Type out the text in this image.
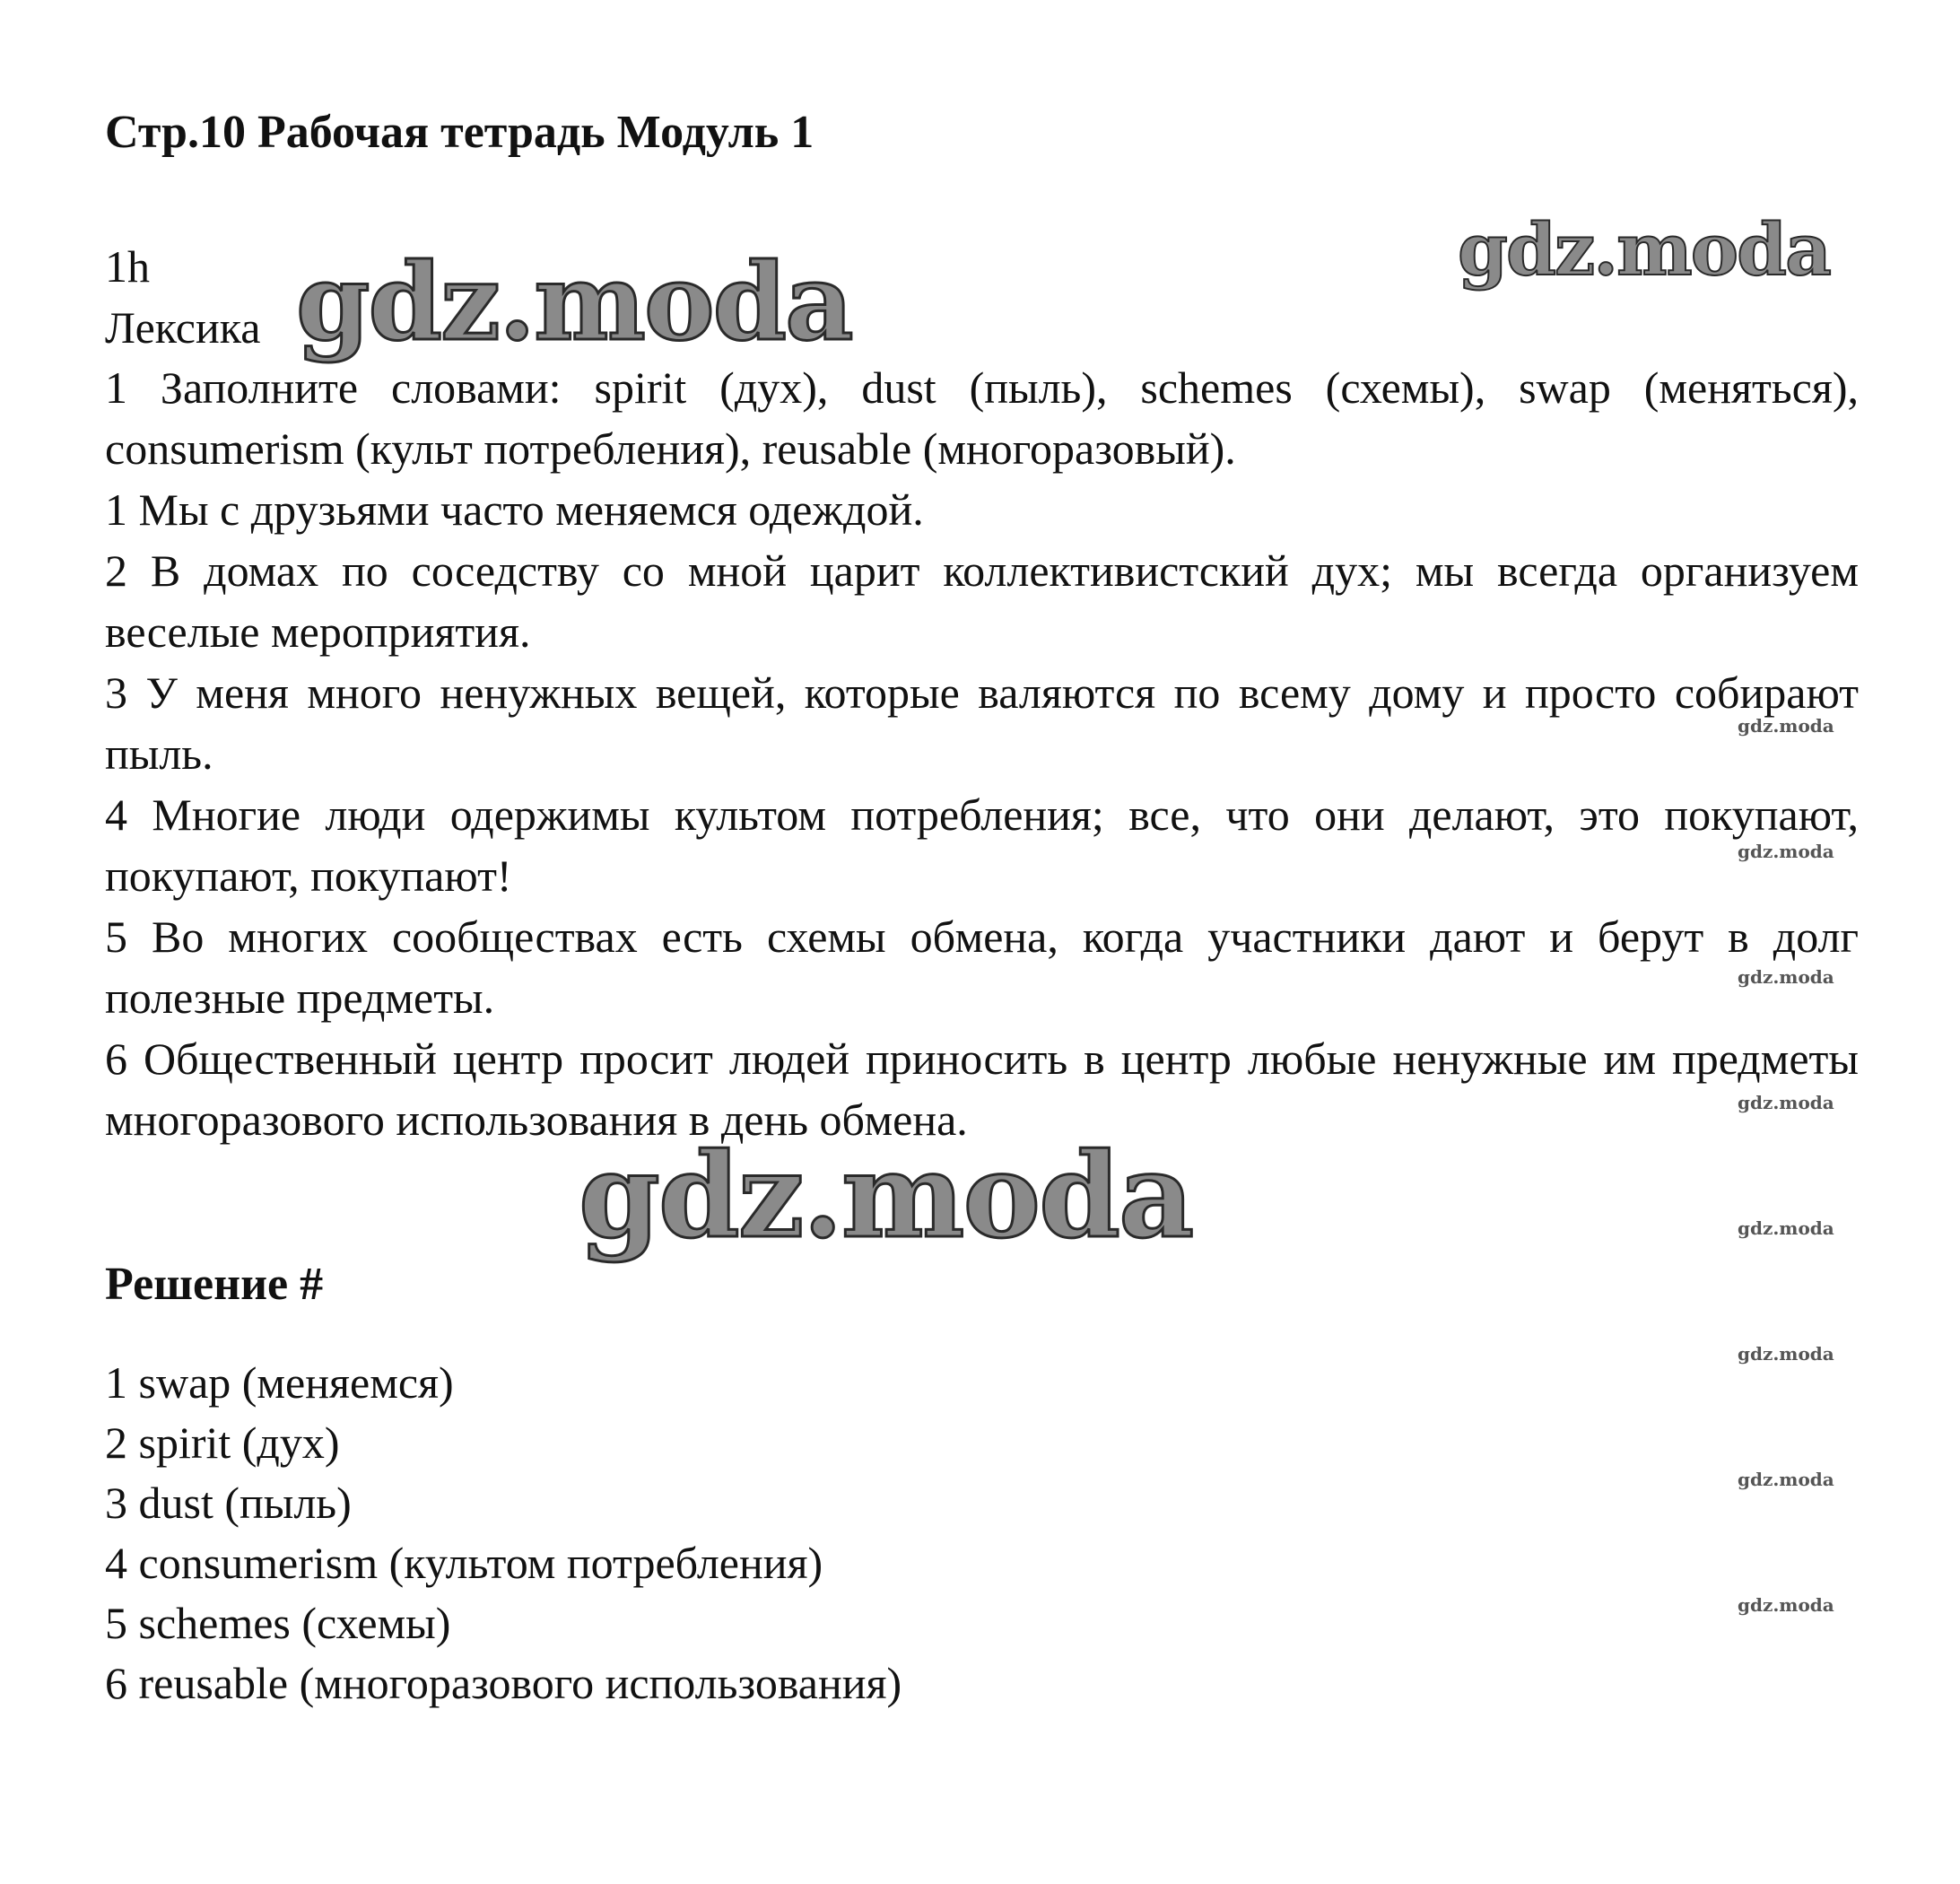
Стр.10 Рабочая тетрадь Модуль 1
1h
Лексика

1 Заполните словами: spirit (дух), dust (пыль), schemes (схемы), swap (меняться), consumerism (культ потребления), reusable (многоразовый).

1 Мы с друзьями часто меняемся одеждой.

2 В домах по соседству со мной царит коллективистский дух; мы всегда организуем веселые мероприятия.

3 У меня много ненужных вещей, которые валяются по всему дому и просто собирают пыль.

4 Многие люди одержимы культом потребления; все, что они делают, это покупают, покупают, покупают!

5 Во многих сообществах есть схемы обмена, когда участники дают и берут в долг полезные предметы.

6 Общественный центр просит людей приносить в центр любые ненужные им предметы многоразового использования в день обмена.

Решение #
1 swap (меняемся)
2 spirit (дух)
3 dust (пыль)
4 consumerism (культом потребления)
5 schemes (схемы)
6 reusable (многоразового использования)
gdz.moda	gdz.moda
gdz.moda
gdz.moda
gdz.moda
gdz.moda
gdz.moda
gdz.moda
gdz.moda
gdz.moda
gdz.moda
